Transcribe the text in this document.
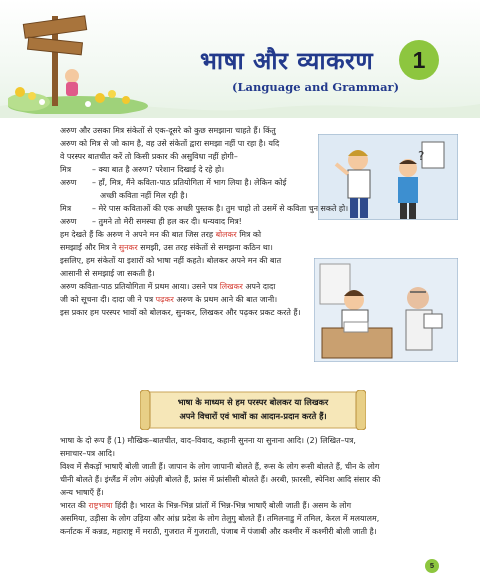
भाषा और व्याकरण	1
(Language and Grammar)
?

अरुण और उसका मित्र संकेतों से एक-दूसरे को कुछ समझाना चाहते हैं। किंतु

अरुण को मित्र से जो काम है, वह उसे संकेतों द्वारा समझा नहीं पा रहा है। यदि

वे परस्पर बातचीत करें तो किसी प्रकार की असुविधा नहीं होगी–

मित्र	– क्या बात है अरुण? परेशान दिखाई दे रहे हो।
अरुण	– हाँ, मित्र, मैंने कविता-पाठ प्रतियोगिता में भाग लिया है। लेकिन कोई

अच्छी कविता नहीं मिल रही है।

मित्र	– मेरे पास कविताओं की एक अच्छी पुस्तक है। तुम चाहो तो उसमें से कविता चुन सकते हो।
अरुण	– तुमने तो मेरी समस्या ही हल कर दी। धन्यवाद मित्र!

हम देखते हैं कि अरुण ने अपने मन की बात जिस तरह बोलकर मित्र को

समझाई और मित्र ने सुनकर समझी, उस तरह संकेतों से समझना कठिन था।

इसलिए, हम संकेतों या इशारों को भाषा नहीं कहते। बोलकर अपने मन की बात

आसानी से समझाई जा सकती है।

अरुण कविता-पाठ प्रतियोगिता में प्रथम आया। उसने पत्र लिखकर अपने दादा

जी को सूचना दी। दादा जी ने पत्र पढ़कर अरुण के प्रथम आने की बात जानी।

इस प्रकार हम परस्पर भावों को बोलकर, सुनकर, लिखकर और पढ़कर प्रकट करते हैं।

भाषा के माध्यम से हम परस्पर बोलकर या लिखकर
अपने विचारों एवं भावों का आदान-प्रदान करते हैं।

भाषा के दो रूप हैं (1) मौखिक–बातचीत, वाद–विवाद, कहानी सुनना या सुनाना आदि। (2) लिखित–पत्र,

समाचार–पत्र आदि।

विश्व में सैकड़ों भाषाएँ बोली जाती हैं। जापान के लोग जापानी बोलते हैं, रूस के लोग रूसी बोलते हैं, चीन के लोग

चीनी बोलते हैं। इंग्लैंड में लोग अंग्रेज़ी बोलते हैं, फ्रांस में फ्रांसीसी बोलते हैं। अरबी, फ़ारसी, स्पेनिश आदि संसार की

अन्य भाषाएँ हैं।

भारत की राष्ट्रभाषा हिंदी है। भारत के भिन्न-भिन्न प्रांतों में भिन्न-भिन्न भाषाएँ बोली जाती हैं। असम के लोग

असमिया, उड़ीसा के लोग उड़िया और आंध्र प्रदेश के लोग तेलुगु बोलते हैं। तमिलनाडु में तमिल, केरल में मलयालम,

कर्नाटक में कन्नड, महाराष्ट्र में मराठी, गुजरात में गुजराती, पंजाब में पंजाबी और कश्मीर में कश्मीरी बोली जाती है।

5
